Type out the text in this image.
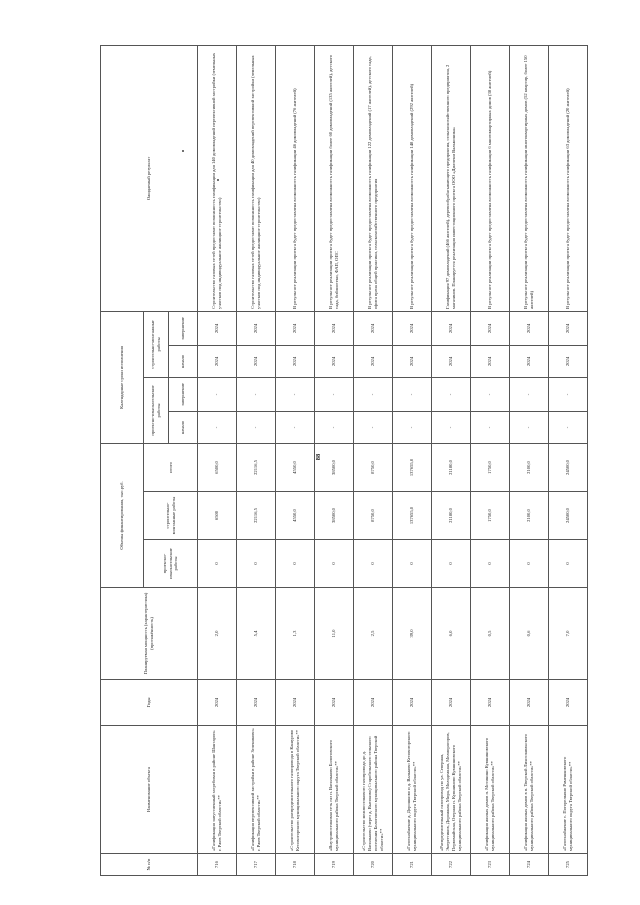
88
№ п/п	Наименование объекта	Годы	Планируемая мощность (характеристика) (протяжённость)	Объемы финансирования, тыс.руб.			Календарные сроки исполнения				Ожидаемый результат
				проектно-изыскательские работы	строительно-монтажные работы	итого	проектно-изыскательские работы		строительно-монтажные работы		
							начало	завершение	начало	завершение	
716	«Газификация запустиенный затребован в районе Шантароп» г. Ржев Тверской области»**	2024	2,0	0	6500	6500,0	-	-	2024	2024	Строительство газовых сетей предоставит возможность газификации для 140 домовладений перспективной застройки (земельных участков под индивидуальное жилищное строительство)
717	«Газификация перспективной застройки в районе Зелениково» г. Ржев Тверской области»**	2024	5,4	0	22116,5	22116,5	-	-	2024	2024	Строительство газовых сетей предоставит возможность газификации для 40 домовладений перспективной застройки (земельных участков под индивидуальное жилищное строительство)
718	«Строительство распределительного газопровода в Кашурово Кесовогорского муниципального округа Тверской области»**	2024	1,3	0	4550,0	4550,0	-	-	2024	2024	В результате реализации проекта будет предоставлена возможность газификации 46 домовладений (76 жителей)
719	«Внутрипоселковая сеть газ п. Васильково Бологовского муниципального района Тверской области»**	2024	11,0	0	38500,0	38500,0	-	-	2024	2024	В результате реализации проекта будет предоставлена возможность газификации более 60 домовладений (135 жителей), детского сада, библиотеки, ФАП, ОПС
720	«Строительство межпоселкового газопровода до д. Васильково (через д. Высоково) Старобельского сельского поселения Бологовского муниципального района Тверской области»**	2024	2,5	0	8750,0	8750,0	-	-	2024	2024	В результате реализации проекта будет предоставлена возможность газификации 122 домовладений (17 жителей), детского сада, офиса врача общей практики, сельскохозяйственного предприятия
721	«Газоснабжение д. Дорошково и д. Вальково Кесовогорского муниципального округа Тверской области»**	2024	39,0	0	137655,0	137655,0	-	-	2024	2024	В результате реализации проекта будет предоставлена возможность газификации 148 домовладений (292 жителей)
722	«Распределительный газопровод по ул. Северная, Энергетиков, Дорожная, Мира, Молодежная, Мелиораторов, Первомайская, Озерная п. Кувшиново Кувшиновского муниципального района Тверской области»**	2024	6,0	0	21180,0	21180,0	-	-	2024	2024	Газификация 97 домовладений (466 жителей), деревообрабатывающего предприятия, сельскохозяйственного предприятия, 2 магазинов. Планируется реализация инвестиционного проекта ООО «Джелени Вальмоника»
723	«Газификация жилых домов п. Мотинино Кувшиновского муниципального района Тверской области»**	2024	0,5	0	1750,0	1750,0	-	-	2024	2024	В результате реализации проекта будет предоставлена возможность газификации 6 многоквартирных домов (38 жителей)
724	«Газификация жилых домов в п. Тверской Лихославльского муниципального района Тверской области»**	2024	0,6	0	2100,0	2100,0	-	-	2024	2024	В результате реализации проекта будет предоставлена возможность газификации многоквартирных домов (52 квартир, более 150 жителей)
725	«Газоснабжение с. Погорелкино Рамешковского муниципального округа Тверской области»**	2024	7,0	0	24500,0	24500,0	-	-	2024	2024	В результате реализации проекта будет предоставлена возможность газификации 63 домовладений (20 жителей)
